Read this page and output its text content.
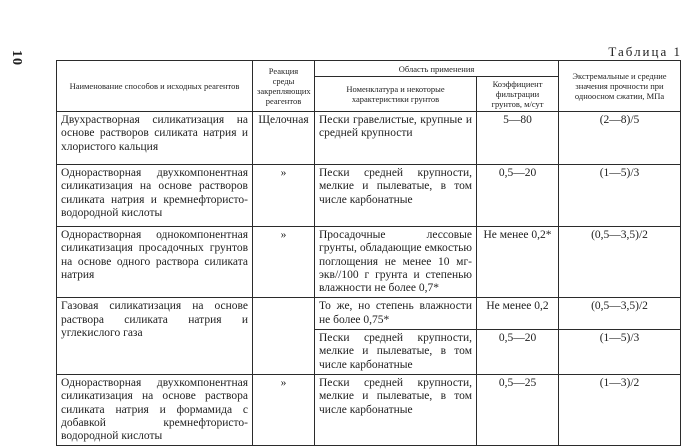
10	Таблица 1
Наименование способов и исходных реагентов	Реакция среды закрепляющих реагентов	Область применения		Экстремальные и средние значения прочности при одноосном сжатии, МПа
		Номенклатура и некоторые характеристики грунтов	Коэффициент фильтрации грунтов, м/сут	
Двухрастворная силикатизация на основе растворов силиката натрия и хлористого кальция	Щелочная	Пески гравелистые, крупные и средней крупности	5—80	(2—8)/5
Однорастворная двухкомпонентная силикатизация на основе растворов силиката натрия и кремнефтористо-водородной кислоты	»	Пески средней крупности, мелкие и пылеватые, в том числе карбонатные	0,5—20	(1—5)/3
Однорастворная однокомпонентная силикатизация просадочных грунтов на основе одного раствора силиката натрия	»	Просадочные лессовые грунты, обладающие емкостью поглощения не менее 10 мг-экв//100 г грунта и степенью влажности не более 0,7*	Не менее 0,2*	(0,5—3,5)/2
Газовая силикатизация на основе раствора силиката натрия и углекислого газа		То же, но степень влажности не более 0,75*	Не менее 0,2	(0,5—3,5)/2
		Пески средней крупности, мелкие и пылеватые, в том числе карбонатные	0,5—20	(1—5)/3
Однорастворная двухкомпонентная силикатизация на основе раствора силиката натрия и формамида с добавкой кремнефтористо-водородной кислоты	»	Пески средней крупности, мелкие и пылеватые, в том числе карбонатные	0,5—25	(1—3)/2
